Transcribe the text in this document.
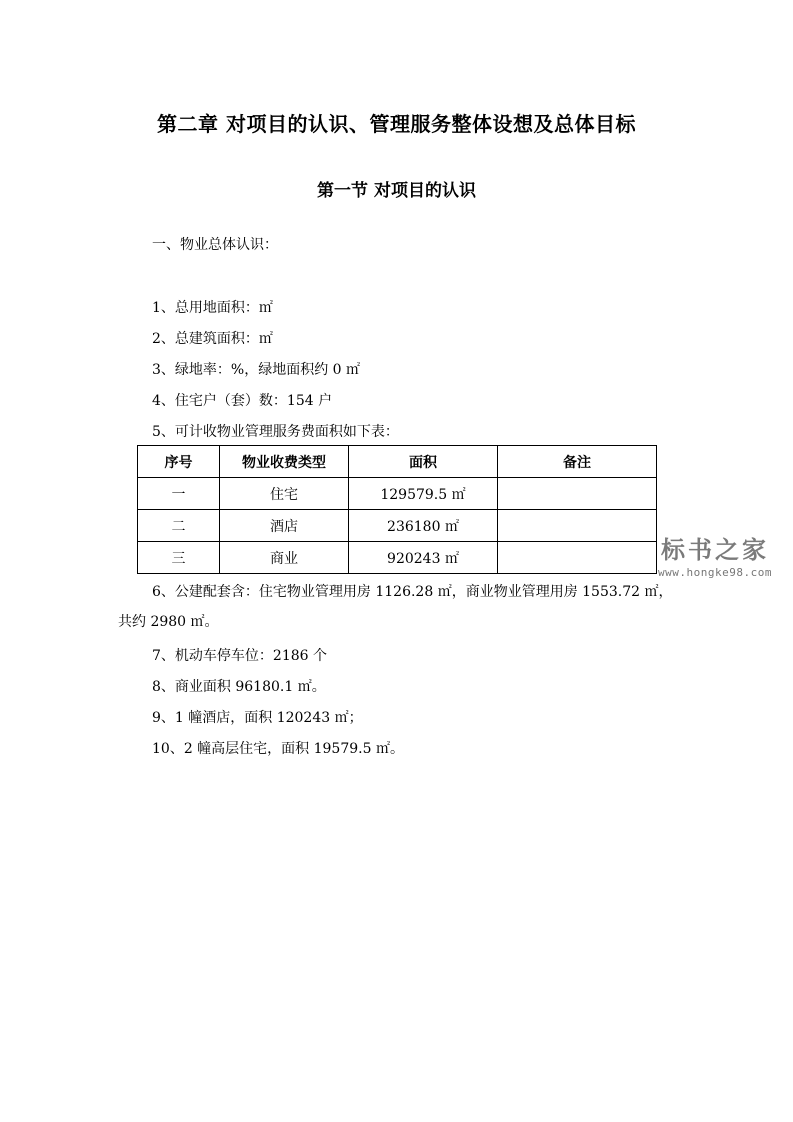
第二章 对项目的认识、管理服务整体设想及总体目标
第一节 对项目的认识
一、物业总体认识：
1、总用地面积：㎡
2、总建筑面积：㎡
3、绿地率：%，绿地面积约 0 ㎡
4、住宅户（套）数：154 户
5、可计收物业管理服务费面积如下表：
序号	物业收费类型	面积	备注
一	住宅	129579.5 ㎡	
二	酒店	236180 ㎡	
三	商业	920243 ㎡	
6、公建配套含：住宅物业管理用房 1126.28 ㎡，商业物业管理用房 1553.72 ㎡，共约 2980 ㎡。
7、机动车停车位：2186 个
8、商业面积 96180.1 ㎡。
9、1 幢酒店，面积 120243 ㎡；
10、2 幢高层住宅，面积 19579.5 ㎡。
标书之家
www.hongke98.com
